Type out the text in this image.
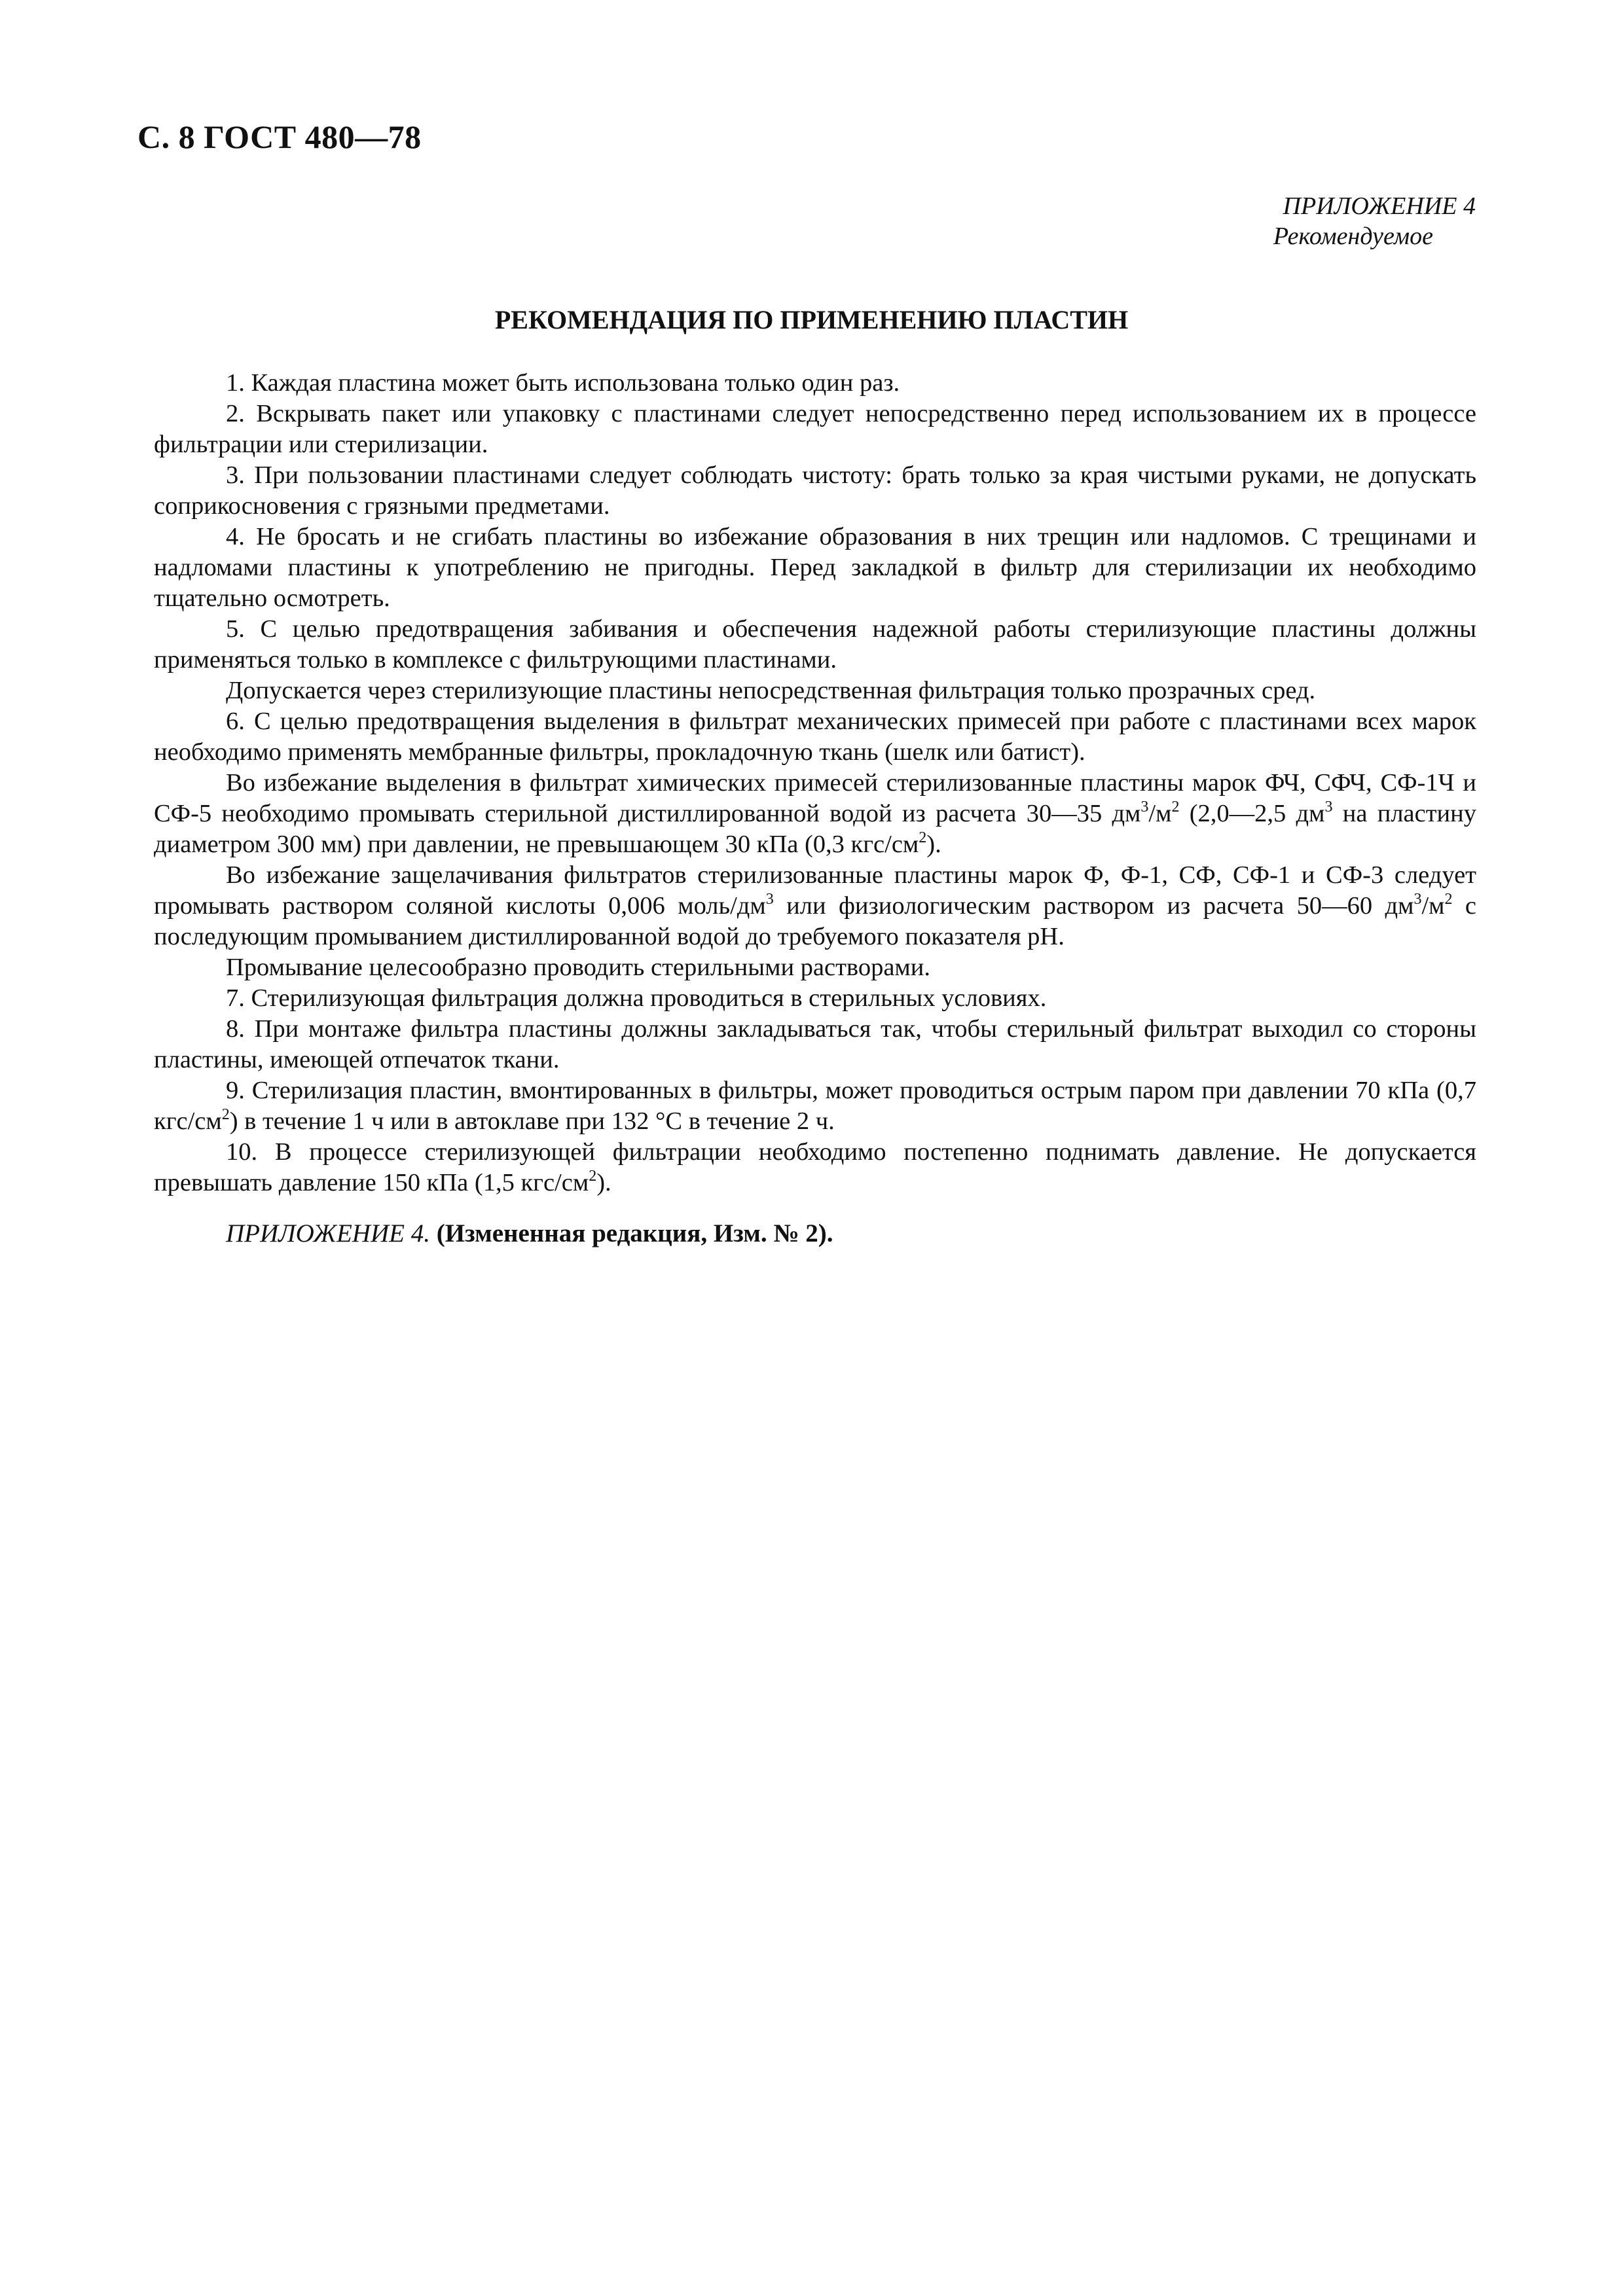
С. 8 ГОСТ 480—78
ПРИЛОЖЕНИЕ 4
Рекомендуемое
РЕКОМЕНДАЦИЯ ПО ПРИМЕНЕНИЮ ПЛАСТИН

1. Каждая пластина может быть использована только один раз.

2. Вскрывать пакет или упаковку с пластинами следует непосредственно перед использованием их в процессе фильтрации или стерилизации.

3. При пользовании пластинами следует соблюдать чистоту: брать только за края чистыми руками, не допускать соприкосновения с грязными предметами.

4. Не бросать и не сгибать пластины во избежание образования в них трещин или надломов. С трещинами и надломами пластины к употреблению не пригодны. Перед закладкой в фильтр для стерилизации их необходимо тщательно осмотреть.

5. С целью предотвращения забивания и обеспечения надежной работы стерилизующие пластины должны применяться только в комплексе с фильтрующими пластинами.

Допускается через стерилизующие пластины непосредственная фильтрация только прозрачных сред.

6. С целью предотвращения выделения в фильтрат механических примесей при работе с пластинами всех марок необходимо применять мембранные фильтры, прокладочную ткань (шелк или батист).

Во избежание выделения в фильтрат химических примесей стерилизованные пластины марок ФЧ, СФЧ, СФ-1Ч и СФ-5 необходимо промывать стерильной дистиллированной водой из расчета 30—35 $дм^3/м^2$ (2,0—2,5 $дм^3$ на пластину диаметром 300 мм) при давлении, не превышающем 30 кПа (0,3 кгс/$см^2$).

Во избежание защелачивания фильтратов стерилизованные пластины марок Ф, Ф-1, СФ, СФ-1 и СФ-3 следует промывать раствором соляной кислоты 0,006 моль/$дм^3$ или физиологическим раствором из расчета 50—60 $дм^3/м^2$ с последующим промыванием дистиллированной водой до требуемого показателя pH.

Промывание целесообразно проводить стерильными растворами.

7. Стерилизующая фильтрация должна проводиться в стерильных условиях.

8. При монтаже фильтра пластины должны закладываться так, чтобы стерильный фильтрат выходил со стороны пластины, имеющей отпечаток ткани.

9. Стерилизация пластин, вмонтированных в фильтры, может проводиться острым паром при давлении 70 кПа (0,7 кгс/$см^2$) в течение 1 ч или в автоклаве при 132 °С в течение 2 ч.

10. В процессе стерилизующей фильтрации необходимо постепенно поднимать давление. Не допускается превышать давление 150 кПа (1,5 кгс/$см^2$).

ПРИЛОЖЕНИЕ 4. (Измененная редакция, Изм. № 2).
